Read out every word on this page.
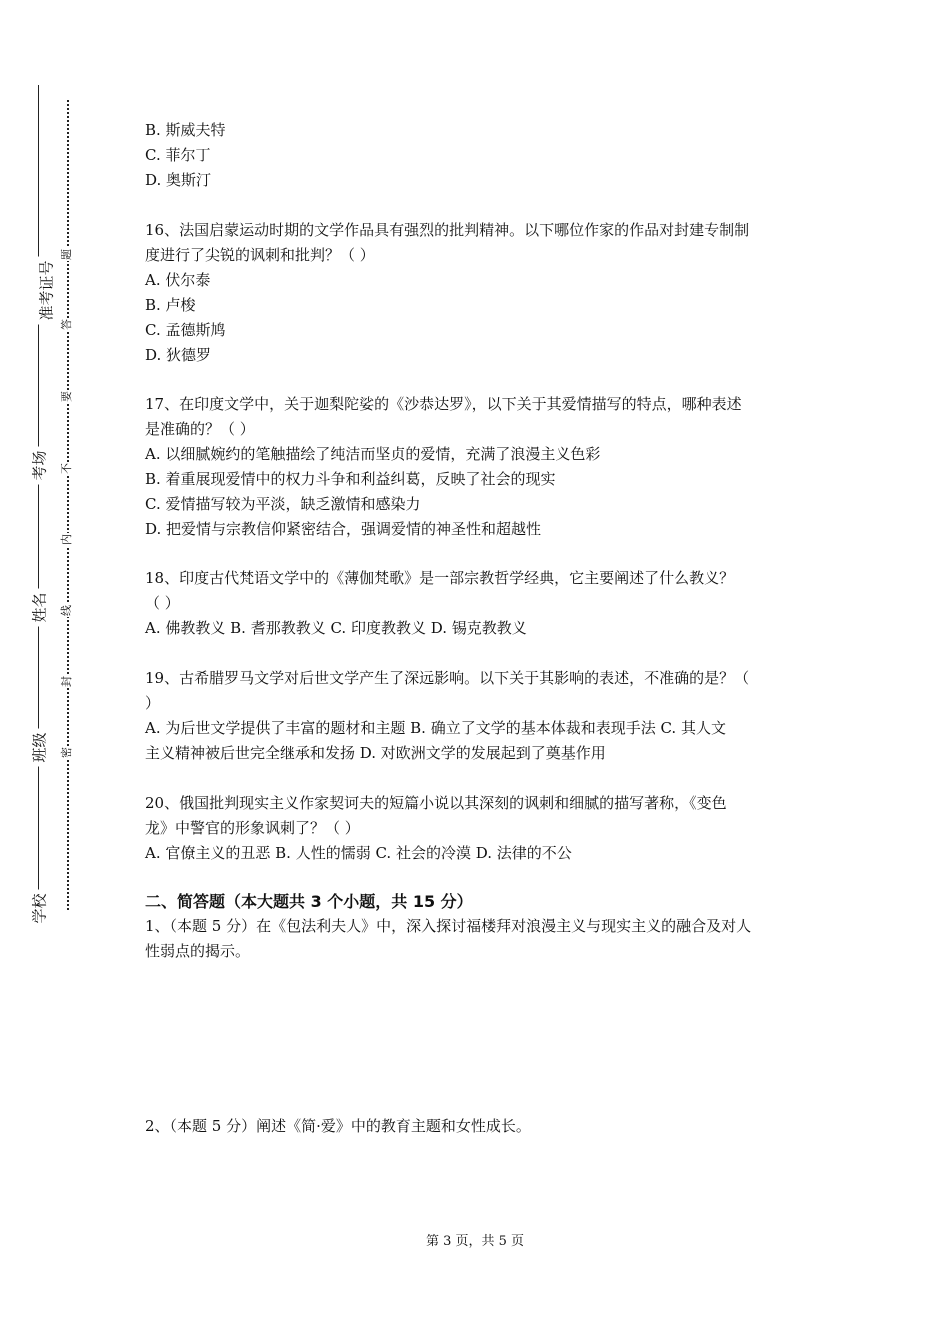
准考证号
考场
姓名
班级
学校
题
答
要
不
内
线
封
密
B. 斯威夫特
C. 菲尔丁
D. 奥斯汀
16、法国启蒙运动时期的文学作品具有强烈的批判精神。以下哪位作家的作品对封建专制制
度进行了尖锐的讽刺和批判？（ ）
A. 伏尔泰
B. 卢梭
C. 孟德斯鸠
D. 狄德罗
17、在印度文学中，关于迦梨陀娑的《沙恭达罗》，以下关于其爱情描写的特点，哪种表述
是准确的？（ ）
A. 以细腻婉约的笔触描绘了纯洁而坚贞的爱情，充满了浪漫主义色彩
B. 着重展现爱情中的权力斗争和利益纠葛，反映了社会的现实
C. 爱情描写较为平淡，缺乏激情和感染力
D. 把爱情与宗教信仰紧密结合，强调爱情的神圣性和超越性
18、印度古代梵语文学中的《薄伽梵歌》是一部宗教哲学经典，它主要阐述了什么教义？
（ ）
A. 佛教教义 B. 耆那教教义 C. 印度教教义 D. 锡克教教义
19、古希腊罗马文学对后世文学产生了深远影响。以下关于其影响的表述，不准确的是？（
）
A. 为后世文学提供了丰富的题材和主题 B. 确立了文学的基本体裁和表现手法 C. 其人文
主义精神被后世完全继承和发扬 D. 对欧洲文学的发展起到了奠基作用
20、俄国批判现实主义作家契诃夫的短篇小说以其深刻的讽刺和细腻的描写著称，《变色
龙》中警官的形象讽刺了？（ ）
A. 官僚主义的丑恶 B. 人性的懦弱 C. 社会的冷漠 D. 法律的不公
二、简答题（本大题共 3 个小题，共 15 分）
1、（本题 5 分）在《包法利夫人》中，深入探讨福楼拜对浪漫主义与现实主义的融合及对人
性弱点的揭示。
2、（本题 5 分）阐述《简·爱》中的教育主题和女性成长。
第 3 页，共 5 页
